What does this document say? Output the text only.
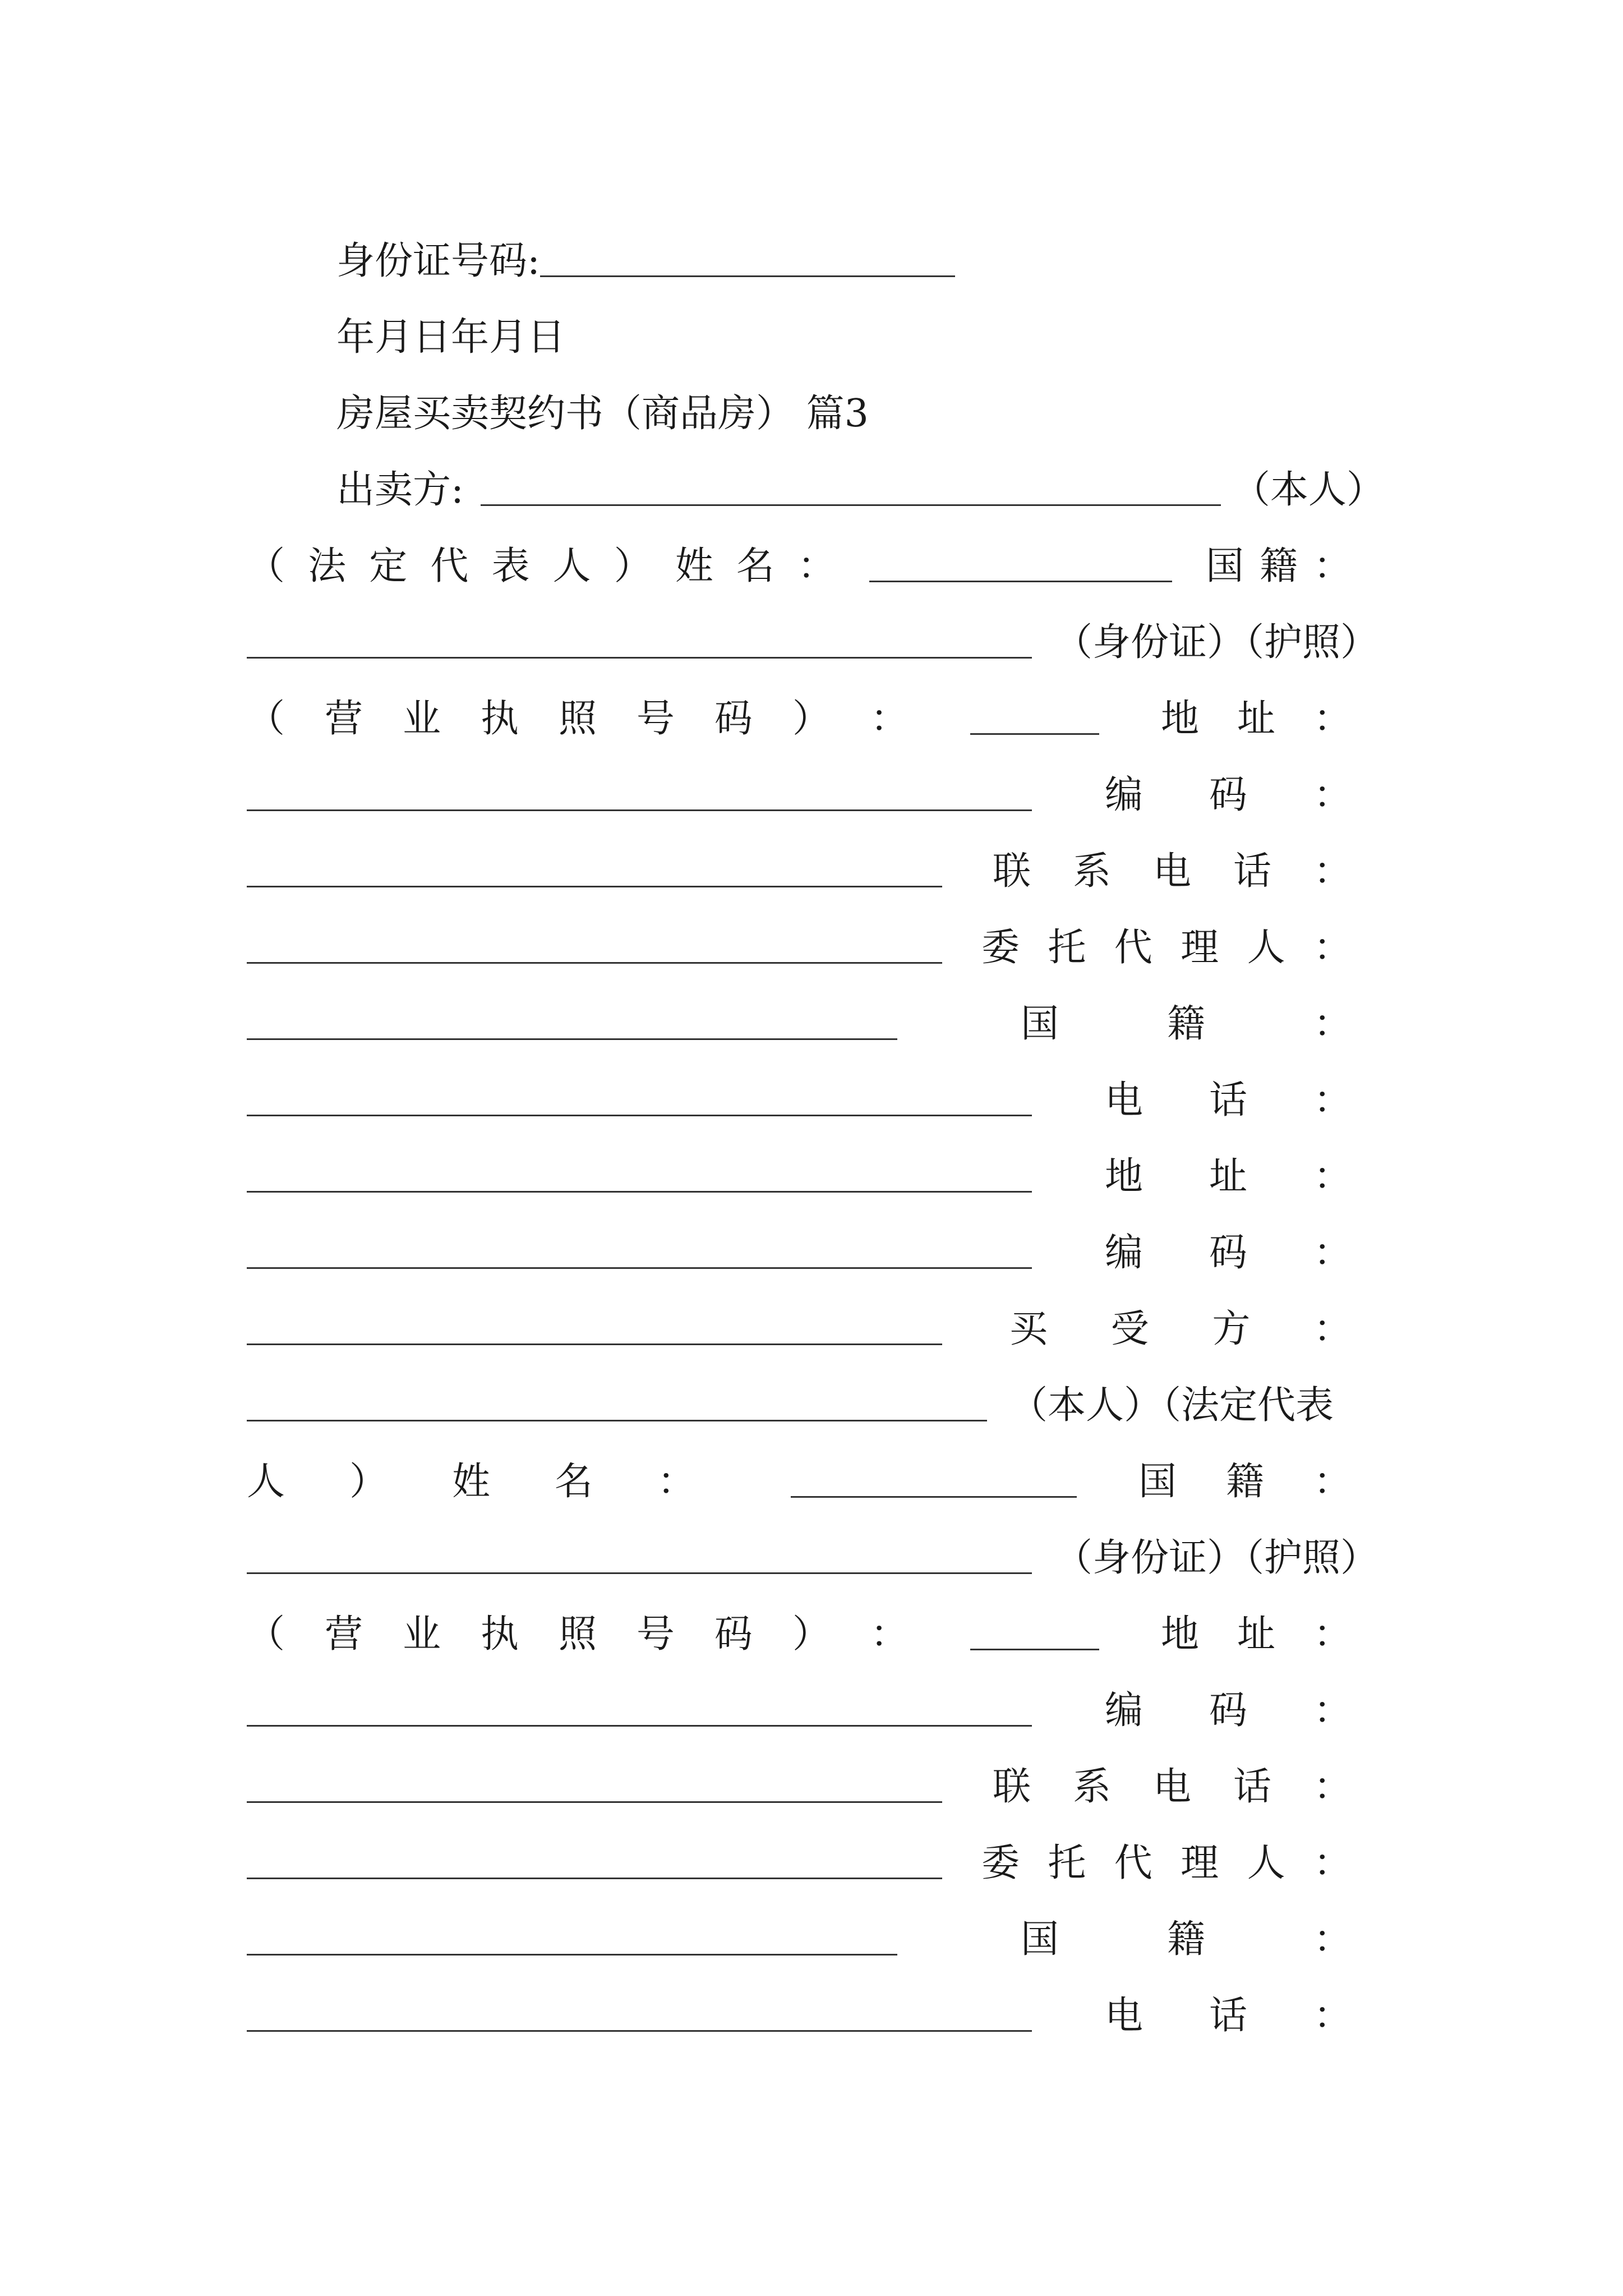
身份证号码:
年月日年月日
房屋买卖契约书（商品房） 篇3
出卖方:	（本人）
（ 法 定 代 表 人 ） 姓 名 ：	国 籍 ：
（身份证）（护照）
（ 营 业 执 照 号 码 ） ：	地 址 ：
编 码 ：
联 系 电 话 ：
委 托 代 理 人 ：
国	籍	：
电 话 ：
地 址 ：
编 码 ：
买 受 方 ：
（本人）（法定代表
人 ） 姓 名 ：	国 籍 ：
（身份证）（护照）
（ 营 业 执 照 号 码 ） ：	地 址 ：
编 码 ：
联 系 电 话 ：
委 托 代 理 人 ：
国	籍	：
电 话 ：
